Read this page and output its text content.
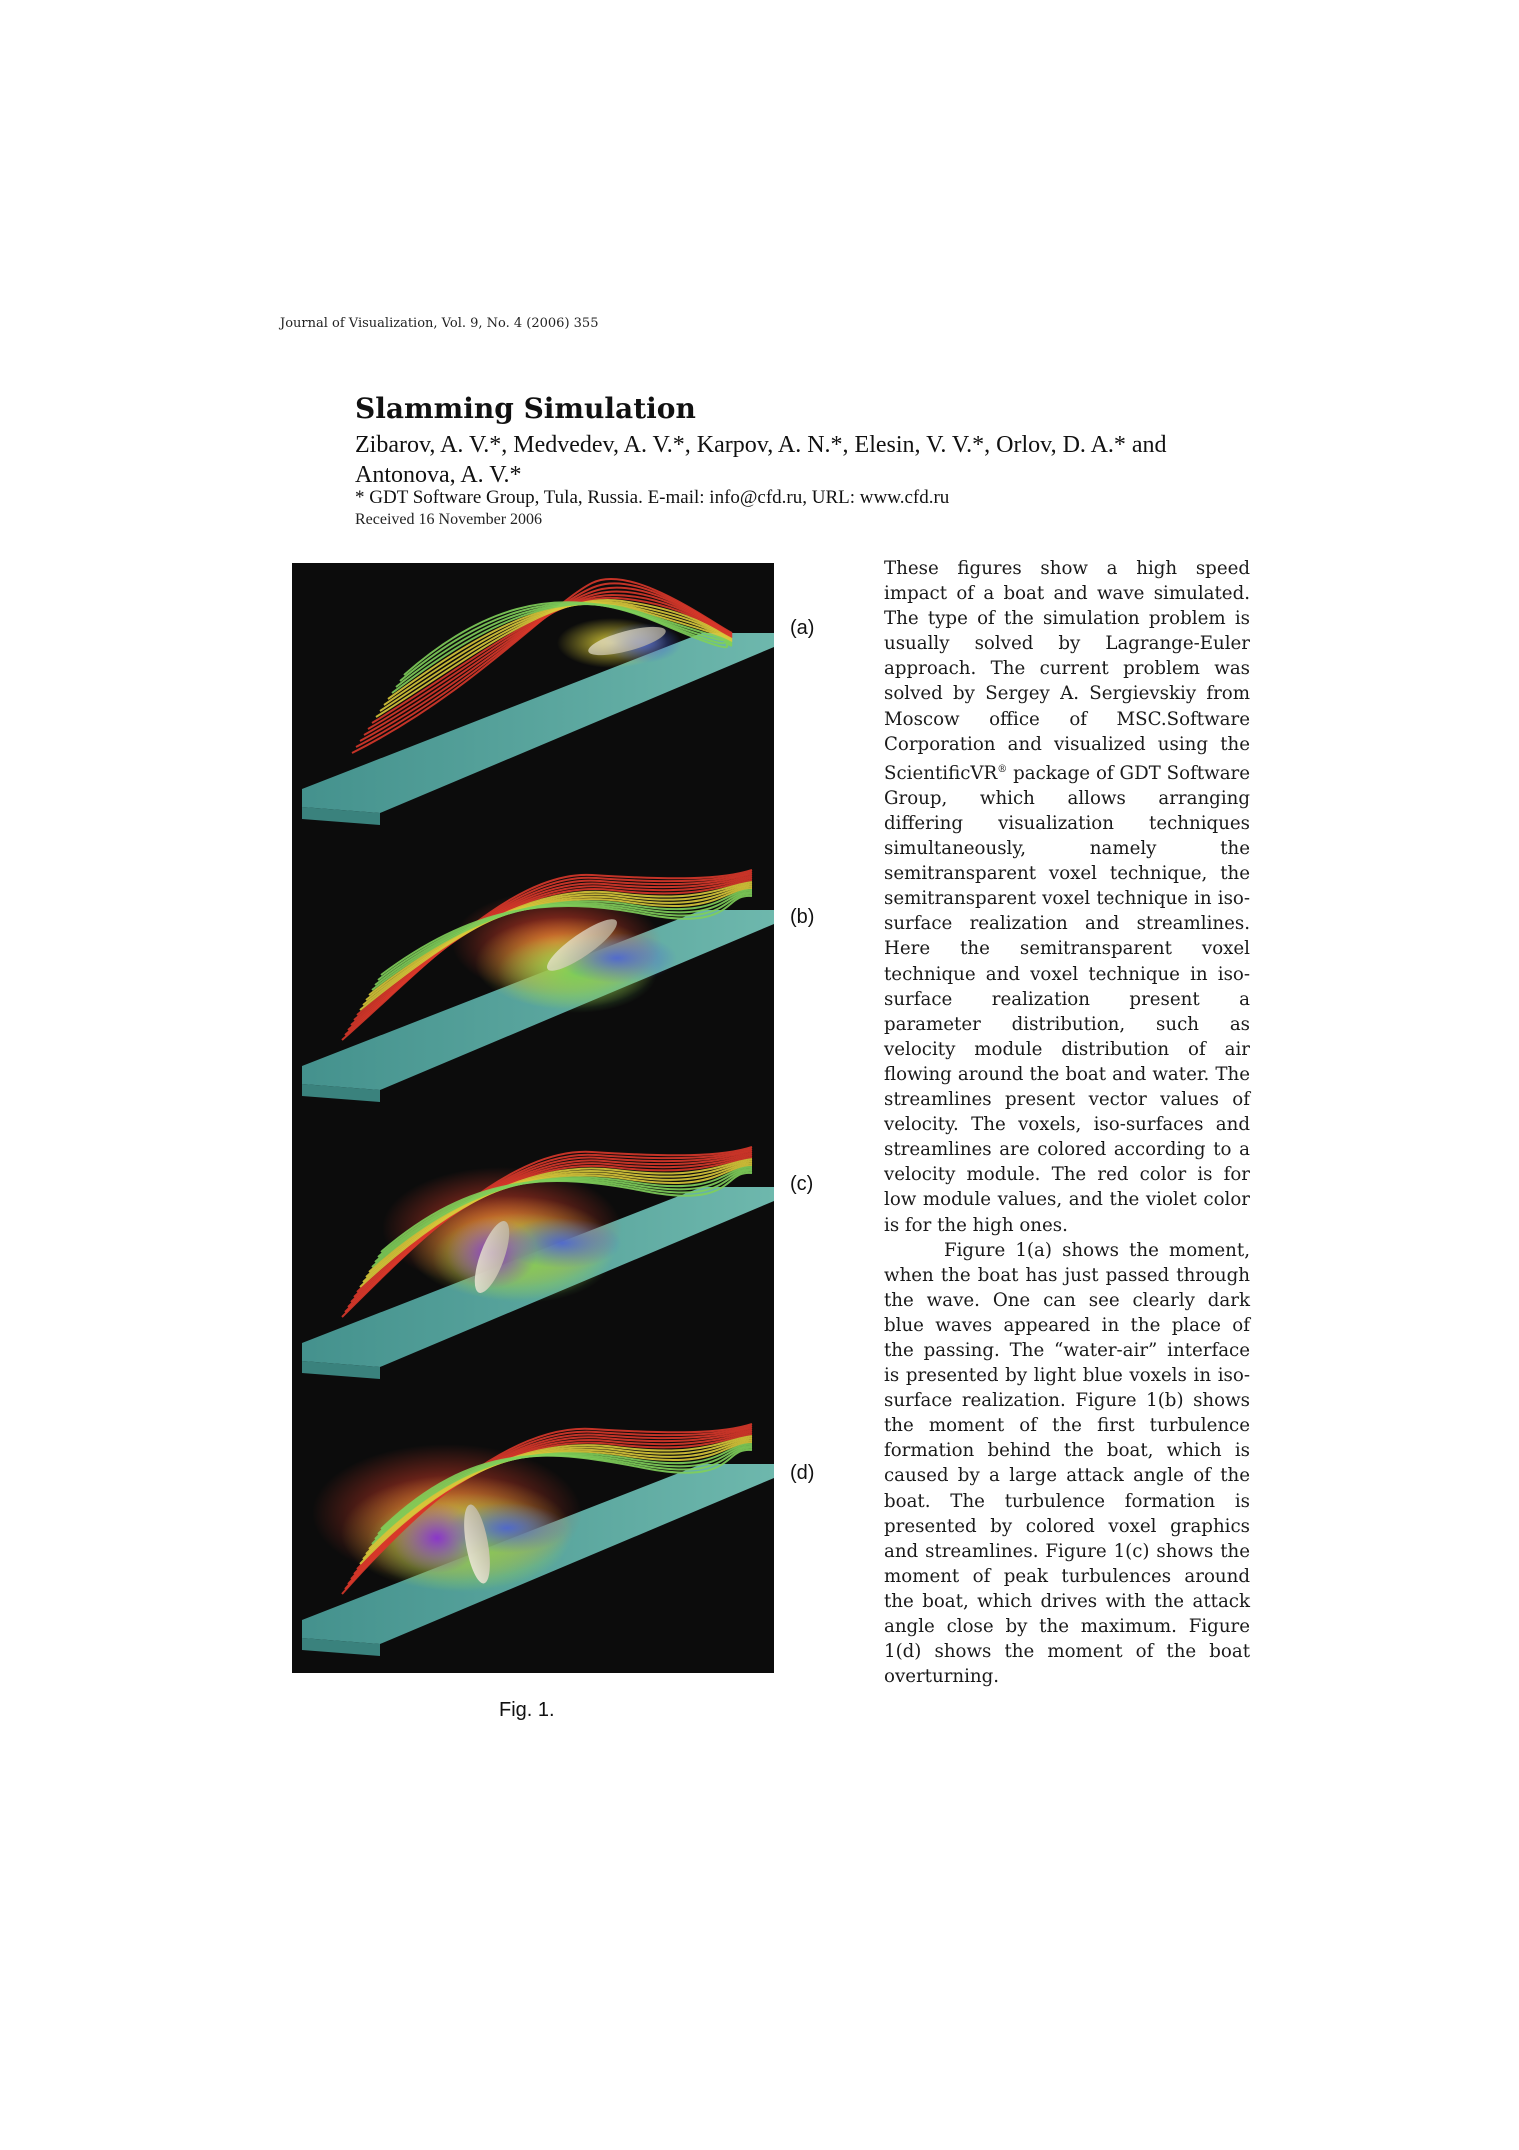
Journal of Visualization, Vol. 9, No. 4 (2006) 355
Slamming Simulation
Zibarov, A. V.*, Medvedev, A. V.*, Karpov, A. N.*, Elesin, V. V.*, Orlov, D. A.* and Antonova, A. V.*
* GDT Software Group, Tula, Russia. E-mail: info@cfd.ru, URL: www.cfd.ru
Received 16 November 2006
(a)
(b)
(c)
(d)
Fig. 1.

These figures show a high speed impact of a boat and wave simulated. The type of the simulation problem is usually solved by Lagrange-Euler approach. The current problem was solved by Sergey A. Sergievskiy from Moscow office of MSC.Software Corporation and visualized using the ScientificVR® package of GDT Software Group, which allows arranging differing visualization techniques simultaneously, namely the semitransparent voxel technique, the semitransparent voxel technique in iso-surface realization and streamlines. Here the semitransparent voxel technique and voxel technique in iso-surface realization present a parameter distribution, such as velocity module distribution of air flowing around the boat and water. The streamlines present vector values of velocity. The voxels, iso-surfaces and streamlines are colored according to a velocity module. The red color is for low module values, and the violet color is for the high ones.

Figure 1(a) shows the moment, when the boat has just passed through the wave. One can see clearly dark blue waves appeared in the place of the passing. The “water-air” interface is presented by light blue voxels in iso-surface realization. Figure 1(b) shows the moment of the first turbulence formation behind the boat, which is caused by a large attack angle of the boat. The turbulence formation is presented by colored voxel graphics and streamlines. Figure 1(c) shows the moment of peak turbulences around the boat, which drives with the attack angle close by the maximum. Figure 1(d) shows the moment of the boat overturning.
